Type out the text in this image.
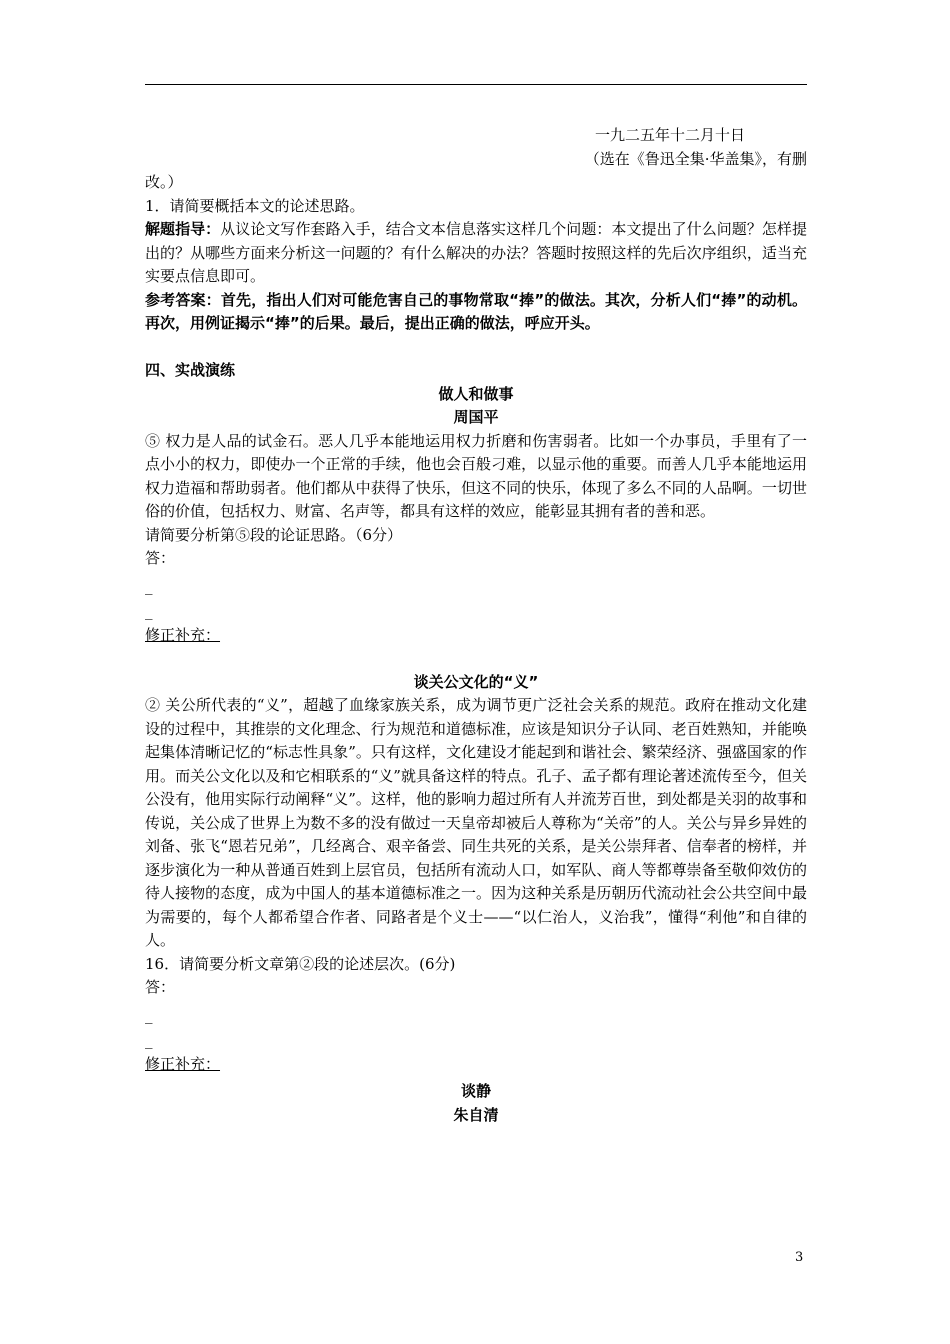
一九二五年十二月十日

（选在《鲁迅全集·华盖集》，有删

改。）

1．请简要概括本文的论述思路。

解题指导：从议论文写作套路入手，结合文本信息落实这样几个问题：本文提出了什么问题？怎样提出的？从哪些方面来分析这一问题的？有什么解决的办法？答题时按照这样的先后次序组织，适当充实要点信息即可。

参考答案：首先，指出人们对可能危害自己的事物常取“捧”的做法。其次，分析人们“捧”的动机。再次，用例证揭示“捧”的后果。最后，提出正确的做法，呼应开头。

四、实战演练

做人和做事

周国平

⑤ 权力是人品的试金石。恶人几乎本能地运用权力折磨和伤害弱者。比如一个办事员，手里有了一点小小的权力，即使办一个正常的手续，他也会百般刁难，以显示他的重要。而善人几乎本能地运用权力造福和帮助弱者。他们都从中获得了快乐，但这不同的快乐，体现了多么不同的人品啊。一切世俗的价值，包括权力、财富、名声等，都具有这样的效应，能彰显其拥有者的善和恶。

请简要分析第⑤段的论证思路。（6分）

答：

_

_

修正补充：

谈关公文化的“义”

② 关公所代表的“义”，超越了血缘家族关系，成为调节更广泛社会关系的规范。政府在推动文化建设的过程中，其推崇的文化理念、行为规范和道德标准，应该是知识分子认同、老百姓熟知，并能唤起集体清晰记忆的“标志性具象”。只有这样，文化建设才能起到和谐社会、繁荣经济、强盛国家的作用。而关公文化以及和它相联系的“义”就具备这样的特点。孔子、孟子都有理论著述流传至今，但关公没有，他用实际行动阐释“义”。这样，他的影响力超过所有人并流芳百世，到处都是关羽的故事和传说，关公成了世界上为数不多的没有做过一天皇帝却被后人尊称为“关帝”的人。关公与异乡异姓的刘备、张飞“恩若兄弟”，几经离合、艰辛备尝、同生共死的关系，是关公崇拜者、信奉者的榜样，并逐步演化为一种从普通百姓到上层官员，包括所有流动人口，如军队、商人等都尊崇备至敬仰效仿的待人接物的态度，成为中国人的基本道德标准之一。因为这种关系是历朝历代流动社会公共空间中最为需要的，每个人都希望合作者、同路者是个义士——“以仁治人，义治我”，懂得“利他”和自律的人。

16．请简要分析文章第②段的论述层次。(6分)

答：

_

_

修正补充：

谈静

朱自清

3
